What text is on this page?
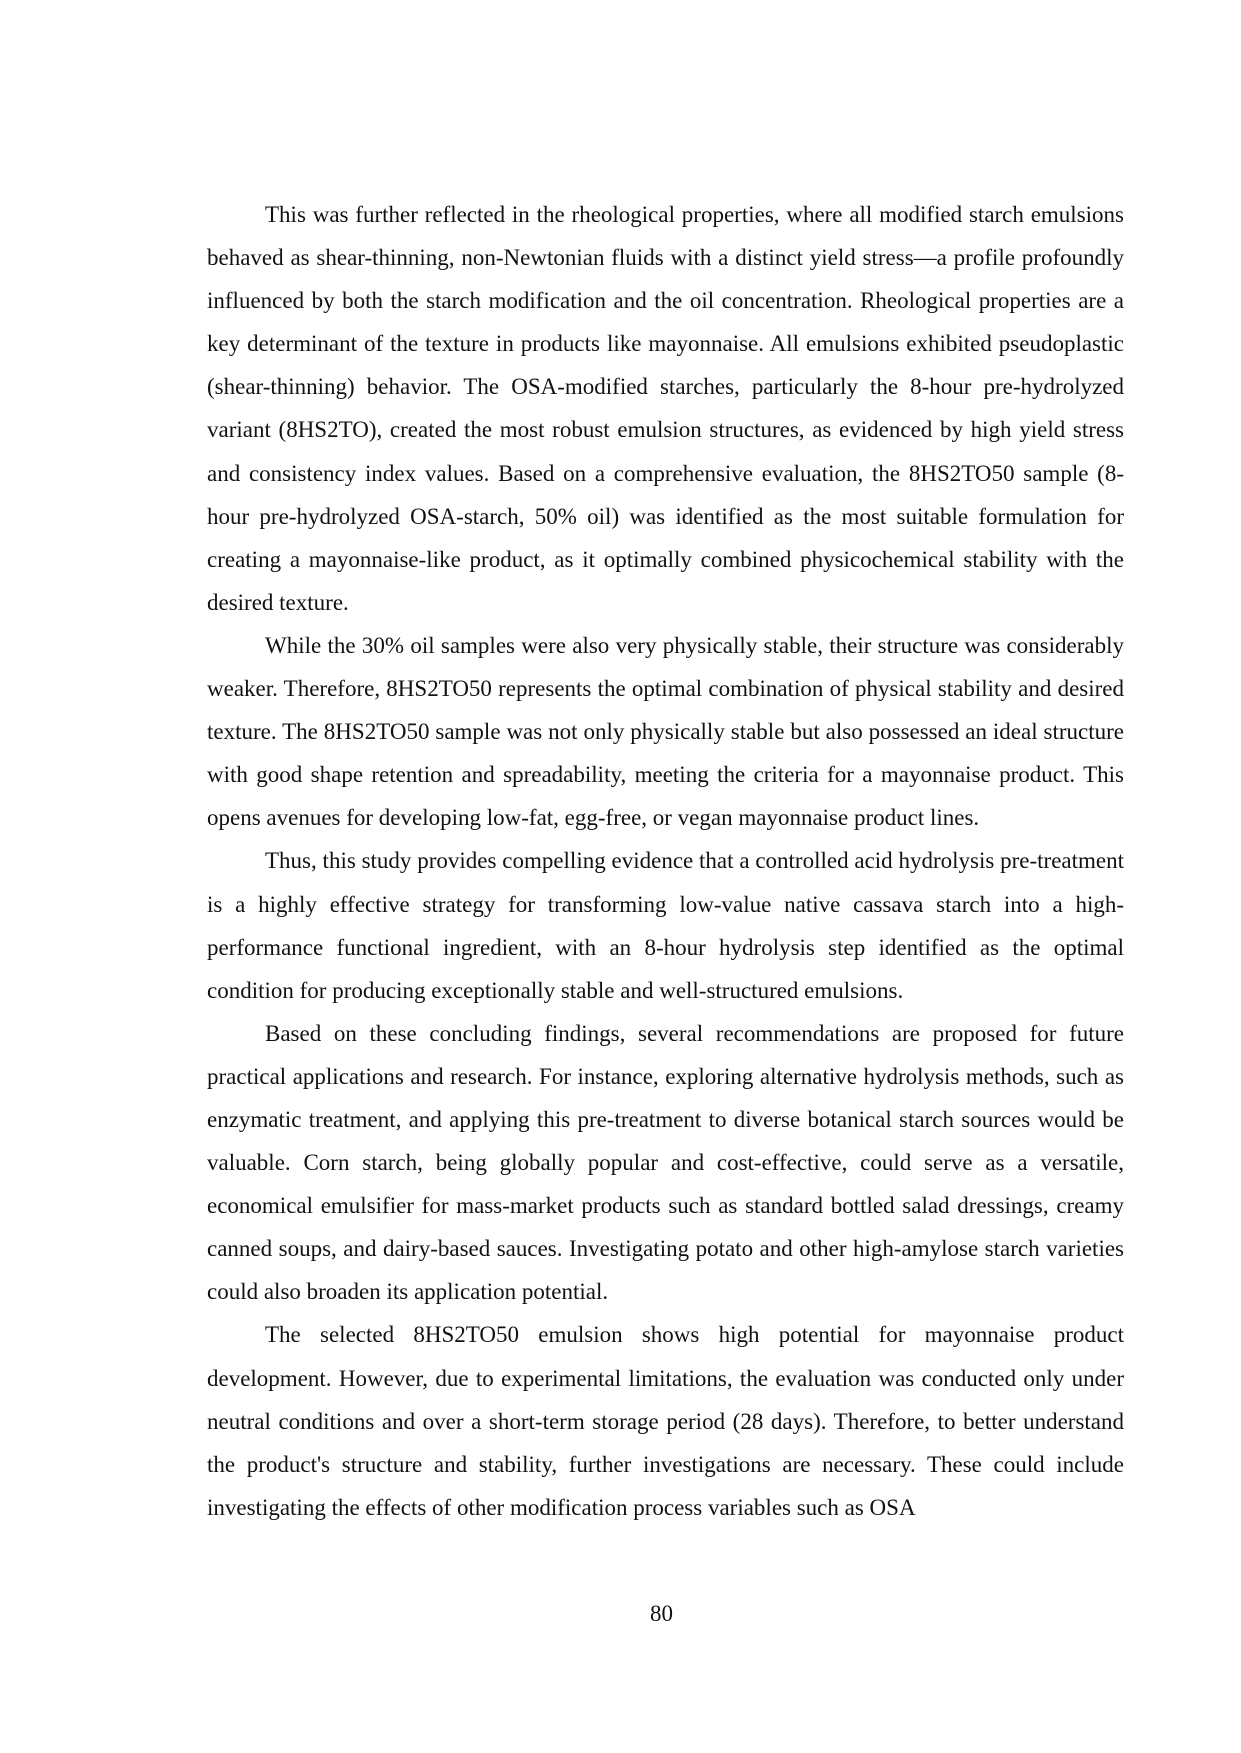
This was further reflected in the rheological properties, where all modified starch emulsions behaved as shear-thinning, non-Newtonian fluids with a distinct yield stress—a profile profoundly influenced by both the starch modification and the oil concentration. Rheological properties are a key determinant of the texture in products like mayonnaise. All emulsions exhibited pseudoplastic (shear-thinning) behavior. The OSA-modified starches, particularly the 8-hour pre-hydrolyzed variant (8HS2TO), created the most robust emulsion structures, as evidenced by high yield stress and consistency index values. Based on a comprehensive evaluation, the 8HS2TO50 sample (8-hour pre-hydrolyzed OSA-starch, 50% oil) was identified as the most suitable formulation for creating a mayonnaise-like product, as it optimally combined physicochemical stability with the desired texture.

While the 30% oil samples were also very physically stable, their structure was considerably weaker. Therefore, 8HS2TO50 represents the optimal combination of physical stability and desired texture. The 8HS2TO50 sample was not only physically stable but also possessed an ideal structure with good shape retention and spreadability, meeting the criteria for a mayonnaise product. This opens avenues for developing low-fat, egg-free, or vegan mayonnaise product lines.

Thus, this study provides compelling evidence that a controlled acid hydrolysis pre-treatment is a highly effective strategy for transforming low-value native cassava starch into a high-performance functional ingredient, with an 8-hour hydrolysis step identified as the optimal condition for producing exceptionally stable and well-structured emulsions.

Based on these concluding findings, several recommendations are proposed for future practical applications and research. For instance, exploring alternative hydrolysis methods, such as enzymatic treatment, and applying this pre-treatment to diverse botanical starch sources would be valuable. Corn starch, being globally popular and cost-effective, could serve as a versatile, economical emulsifier for mass-market products such as standard bottled salad dressings, creamy canned soups, and dairy-based sauces. Investigating potato and other high-amylose starch varieties could also broaden its application potential.

The selected 8HS2TO50 emulsion shows high potential for mayonnaise product development. However, due to experimental limitations, the evaluation was conducted only under neutral conditions and over a short-term storage period (28 days). Therefore, to better understand the product's structure and stability, further investigations are necessary. These could include investigating the effects of other modification process variables such as OSA

80
